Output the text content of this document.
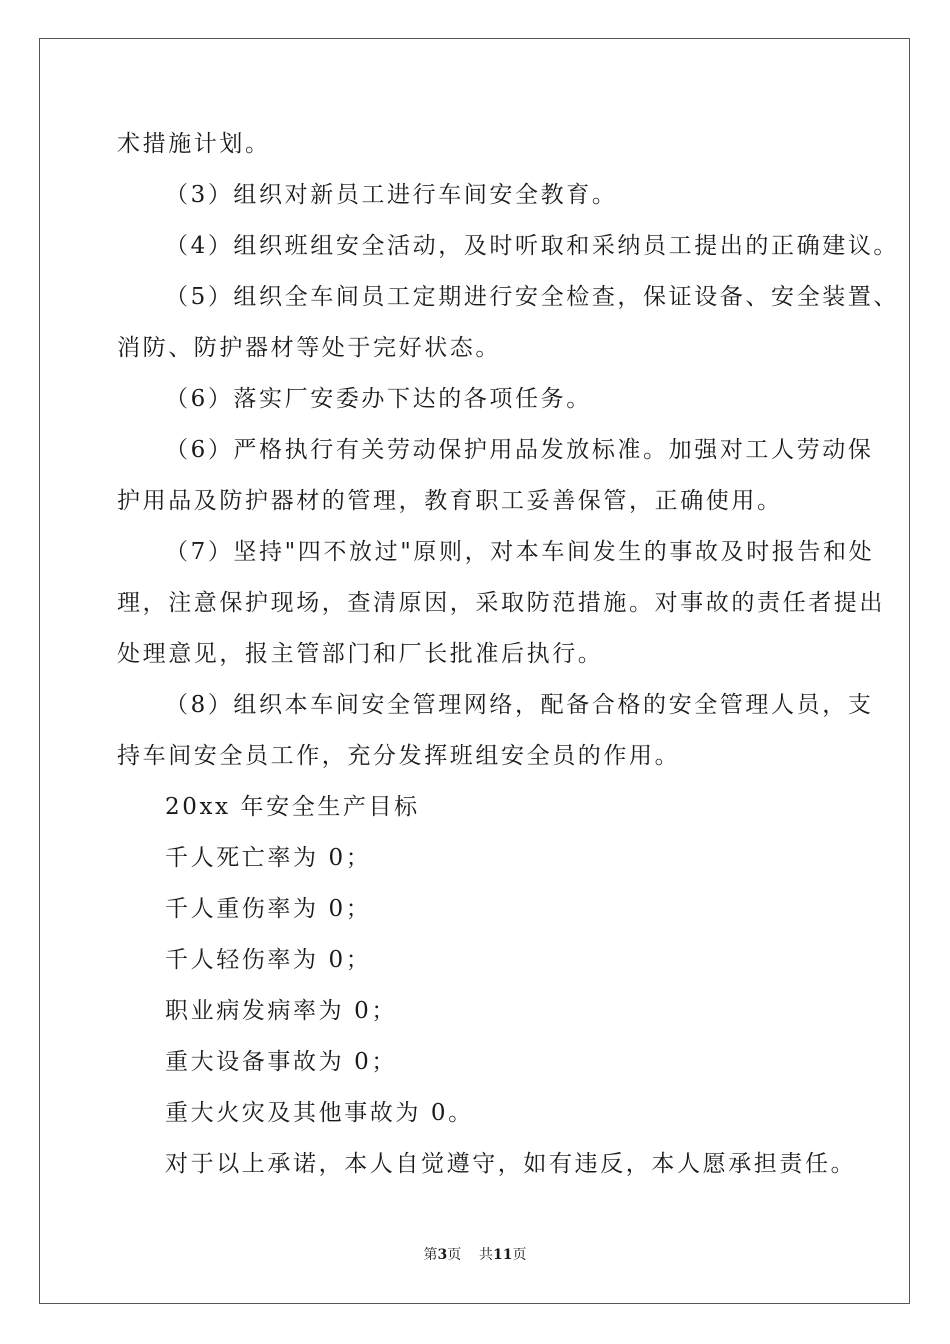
术措施计划。
（3）组织对新员工进行车间安全教育。
（4）组织班组安全活动，及时听取和采纳员工提出的正确建议。
（5）组织全车间员工定期进行安全检查，保证设备、安全装置、
消防、防护器材等处于完好状态。
（6）落实厂安委办下达的各项任务。
（6）严格执行有关劳动保护用品发放标准。加强对工人劳动保
护用品及防护器材的管理，教育职工妥善保管，正确使用。
（7）坚持"四不放过"原则，对本车间发生的事故及时报告和处
理，注意保护现场，查清原因，采取防范措施。对事故的责任者提出
处理意见，报主管部门和厂长批准后执行。
（8）组织本车间安全管理网络，配备合格的安全管理人员，支
持车间安全员工作，充分发挥班组安全员的作用。
20xx 年安全生产目标
千人死亡率为 0；
千人重伤率为 0；
千人轻伤率为 0；
职业病发病率为 0；
重大设备事故为 0；
重大火灾及其他事故为 0。
对于以上承诺，本人自觉遵守，如有违反，本人愿承担责任。
第3页 共11页
